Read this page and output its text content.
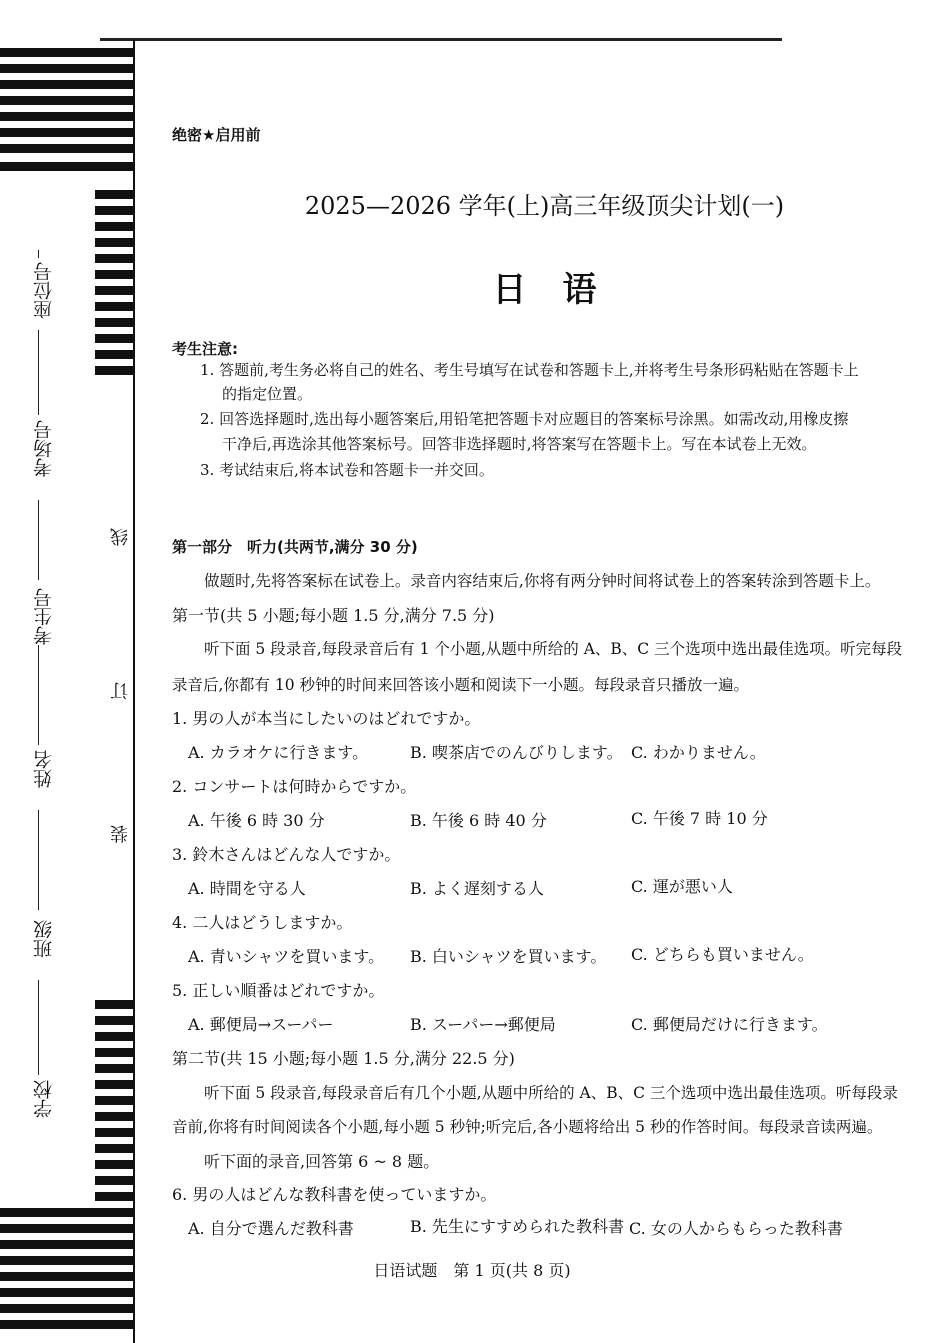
学校
班级
姓名
考生号
考场号
座位号
线
订
装
绝密★启用前
2025—2026 学年(上)高三年级顶尖计划(一)
日语
考生注意:
1. 答题前,考生务必将自己的姓名、考生号填写在试卷和答题卡上,并将考生号条形码粘贴在答题卡上
的指定位置。
2. 回答选择题时,选出每小题答案后,用铅笔把答题卡对应题目的答案标号涂黑。如需改动,用橡皮擦
干净后,再选涂其他答案标号。回答非选择题时,将答案写在答题卡上。写在本试卷上无效。
3. 考试结束后,将本试卷和答题卡一并交回。
第一部分　听力(共两节,满分 30 分)
做题时,先将答案标在试卷上。录音内容结束后,你将有两分钟时间将试卷上的答案转涂到答题卡上。
第一节(共 5 小题;每小题 1.5 分,满分 7.5 分)
听下面 5 段录音,每段录音后有 1 个小题,从题中所给的 A、B、C 三个选项中选出最佳选项。听完每段
录音后,你都有 10 秒钟的时间来回答该小题和阅读下一小题。每段录音只播放一遍。
1. 男の人が本当にしたいのはどれですか。
A. カラオケに行きます。	B. 喫茶店でのんびりします。 C. わかりません。
2. コンサートは何時からですか。
A. 午後 6 時 30 分	B. 午後 6 時 40 分	C. 午後 7 時 10 分
3. 鈴木さんはどんな人ですか。
A. 時間を守る人	B. よく遅刻する人	C. 運が悪い人
4. 二人はどうしますか。
A. 青いシャツを買います。 B. 白いシャツを買います。 C. どちらも買いません。
5. 正しい順番はどれですか。
A. 郵便局→スーパー	B. スーパー→郵便局	C. 郵便局だけに行きます。
第二节(共 15 小题;每小题 1.5 分,满分 22.5 分)
听下面 5 段录音,每段录音后有几个小题,从题中所给的 A、B、C 三个选项中选出最佳选项。听每段录
音前,你将有时间阅读各个小题,每小题 5 秒钟;听完后,各小题将给出 5 秒的作答时间。每段录音读两遍。
听下面的录音,回答第 6 ~ 8 题。
6. 男の人はどんな教科書を使っていますか。
A. 自分で選んだ教科書	B. 先生にすすめられた教科書 C. 女の人からもらった教科書
日语试题　第 1 页(共 8 页)
